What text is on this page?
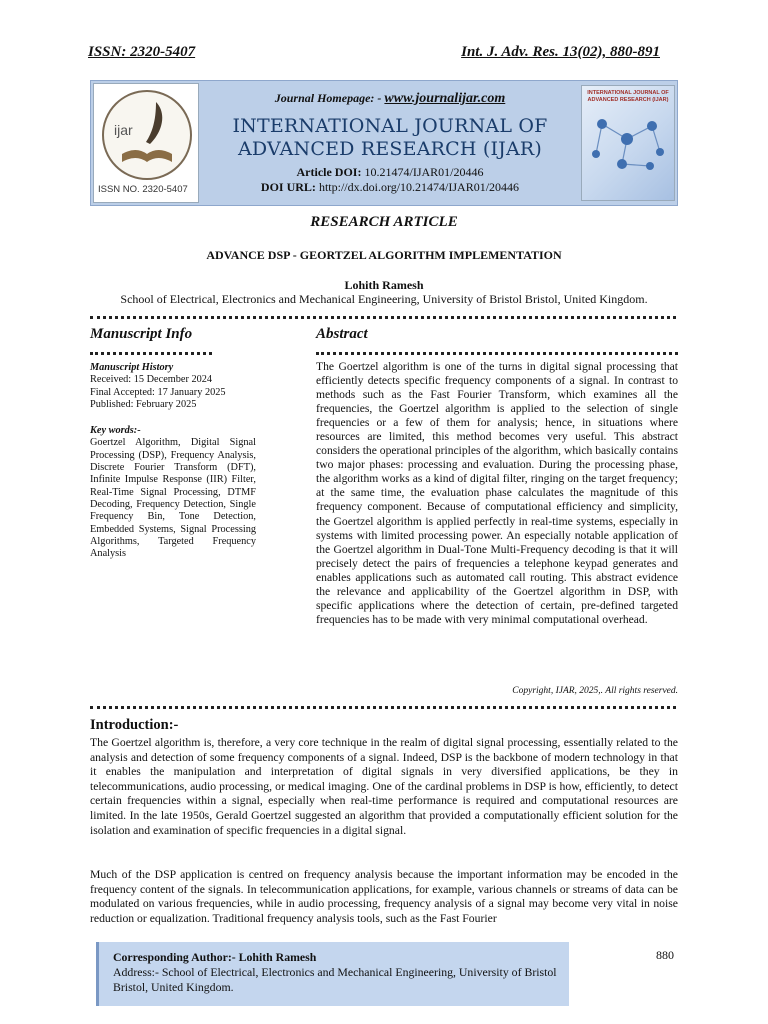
ISSN: 2320-5407	Int. J. Adv. Res. 13(02), 880-891
ijar
ISSN NO. 2320-5407
Journal Homepage: - www.journalijar.com
INTERNATIONAL JOURNAL OF
ADVANCED RESEARCH (IJAR)
Article DOI: 10.21474/IJAR01/20446
DOI URL: http://dx.doi.org/10.21474/IJAR01/20446
INTERNATIONAL JOURNAL OF ADVANCED RESEARCH (IJAR)
RESEARCH ARTICLE
ADVANCE DSP - GEORTZEL ALGORITHM IMPLEMENTATION
Lohith Ramesh
School of Electrical, Electronics and Mechanical Engineering, University of Bristol Bristol, United Kingdom.
Manuscript Info	Abstract
Manuscript History
Received: 15 December 2024
Final Accepted: 17 January 2025
Published: February 2025
Key words:-
Goertzel Algorithm, Digital Signal Processing (DSP), Frequency Analysis, Discrete Fourier Transform (DFT), Infinite Impulse Response (IIR) Filter, Real-Time Signal Processing, DTMF Decoding, Frequency Detection, Single Frequency Bin, Tone Detection, Embedded Systems, Signal Processing Algorithms, Targeted Frequency Analysis
The Goertzel algorithm is one of the turns in digital signal processing that efficiently detects specific frequency components of a signal. In contrast to methods such as the Fast Fourier Transform, which examines all the frequencies, the Goertzel algorithm is applied to the selection of single frequencies or a few of them for analysis; hence, in situations where resources are limited, this method becomes very useful. This abstract considers the operational principles of the algorithm, which basically contains two major phases: processing and evaluation. During the processing phase, the algorithm works as a kind of digital filter, ringing on the target frequency; at the same time, the evaluation phase calculates the magnitude of this frequency component. Because of computational efficiency and simplicity, the Goertzel algorithm is applied perfectly in real-time systems, especially in systems with limited processing power. An especially notable application of the Goertzel algorithm in Dual-Tone Multi-Frequency decoding is that it will precisely detect the pairs of frequencies a telephone keypad generates and enables applications such as automated call routing. This abstract evidence the relevance and applicability of the Goertzel algorithm in DSP, with specific applications where the detection of certain, pre-defined targeted frequencies has to be made with very minimal computational overhead.
Copyright, IJAR, 2025,. All rights reserved.
Introduction:-
The Goertzel algorithm is, therefore, a very core technique in the realm of digital signal processing, essentially related to the analysis and detection of some frequency components of a signal. Indeed, DSP is the backbone of modern technology in that it enables the manipulation and interpretation of digital signals in very diversified applications, be they in telecommunications, audio processing, or medical imaging. One of the cardinal problems in DSP is how, efficiently, to detect certain frequencies within a signal, especially when real-time performance is required and computational resources are limited. In the late 1950s, Gerald Goertzel suggested an algorithm that provided a computationally efficient solution for the isolation and examination of specific frequencies in a digital signal.
Much of the DSP application is centred on frequency analysis because the important information may be encoded in the frequency content of the signals. In telecommunication applications, for example, various channels or streams of data can be modulated on various frequencies, while in audio processing, frequency analysis of a signal may become very vital in noise reduction or equalization. Traditional frequency analysis tools, such as the Fast Fourier
Corresponding Author:- Lohith Ramesh
Address:- School of Electrical, Electronics and Mechanical Engineering, University of Bristol Bristol, United Kingdom.
880
